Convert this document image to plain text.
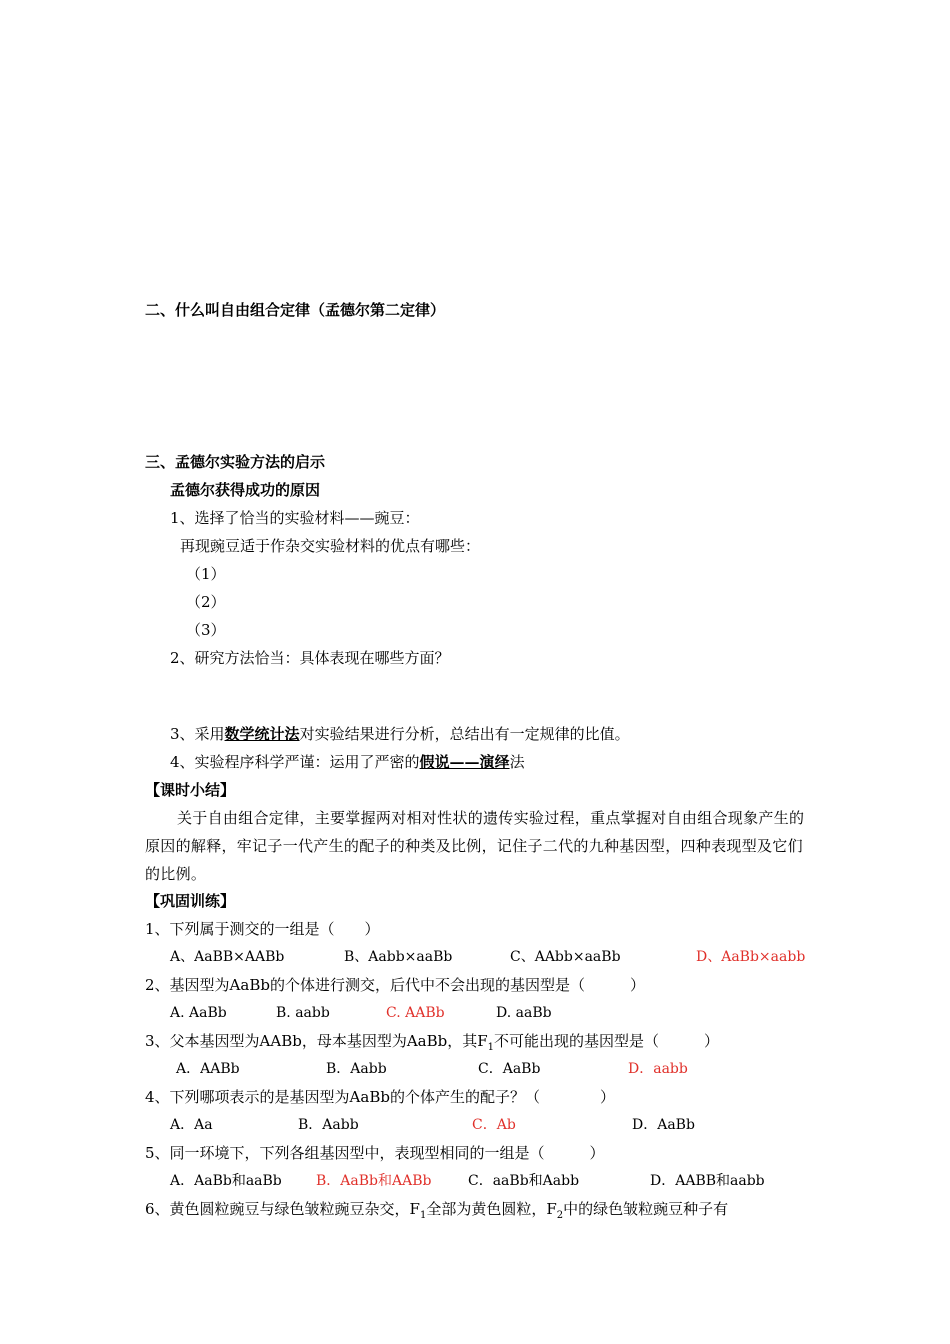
二、什么叫自由组合定律（孟德尔第二定律）
三、孟德尔实验方法的启示
孟德尔获得成功的原因
1、选择了恰当的实验材料——豌豆：
再现豌豆适于作杂交实验材料的优点有哪些：
（1）
（2）
（3）
2、研究方法恰当：具体表现在哪些方面？
3、采用数学统计法对实验结果进行分析，总结出有一定规律的比值。
4、实验程序科学严谨：运用了严密的假说——演绎法
【课时小结】
关于自由组合定律，主要掌握两对相对性状的遗传实验过程，重点掌握对自由组合现象产生的原因的解释，牢记子一代产生的配子的种类及比例，记住子二代的九种基因型，四种表现型及它们的比例。
【巩固训练】
1、下列属于测交的一组是（　　）
A、AaBB×AABb	B、Aabb×aaBb	C、AAbb×aaBb	D、AaBb×aabb
2、基因型为AaBb的个体进行测交，后代中不会出现的基因型是（　　　）
A. AaBb	B. aabb	C. AABb	D. aaBb
3、父本基因型为AABb，母本基因型为AaBb，其$F_1$不可能出现的基因型是（　　　）
A．AABb	B．Aabb	C．AaBb	D．aabb
4、下列哪项表示的是基因型为AaBb的个体产生的配子？（　　　　）
A．Aa	B．Aabb	C．Ab	D．AaBb
5、同一环境下，下列各组基因型中，表现型相同的一组是（　　　）
A．AaBb和aaBb B．AaBb和AABb	C．aaBb和Aabb	D．AABB和aabb
6、黄色圆粒豌豆与绿色皱粒豌豆杂交，$F_1$全部为黄色圆粒，$F_2$中的绿色皱粒豌豆种子有
